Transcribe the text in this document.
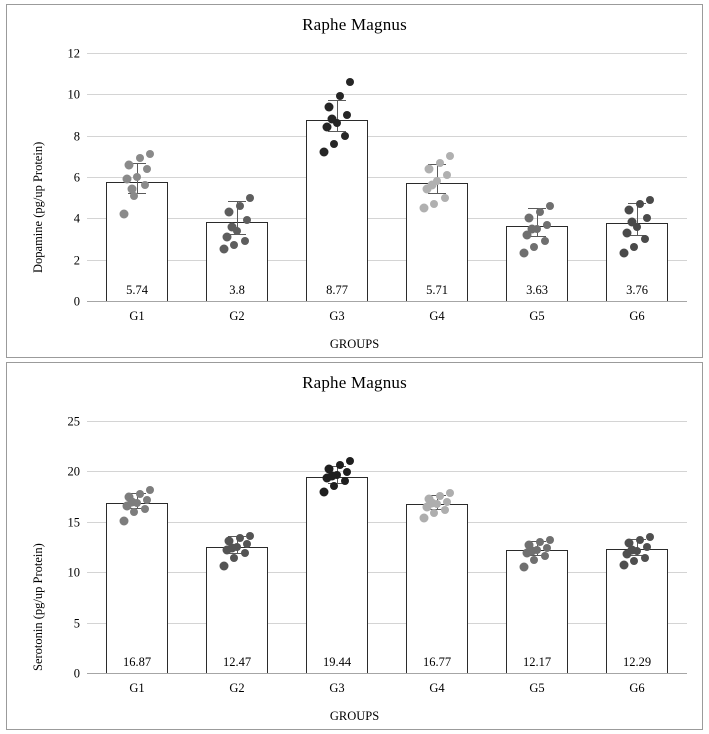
Raphe Magnus
Dopamine (pg/up Protein)
0
2
4
6
8
10
12
5.74
G1
3.8
G2
8.77
G3
5.71
G4
3.63
G5
3.76
G6
GROUPS
Raphe Magnus
Serotonin (pg/up Protein)
0
5
10
15
20
25
16.87
G1
12.47
G2
19.44
G3
16.77
G4
12.17
G5
12.29
G6
GROUPS
